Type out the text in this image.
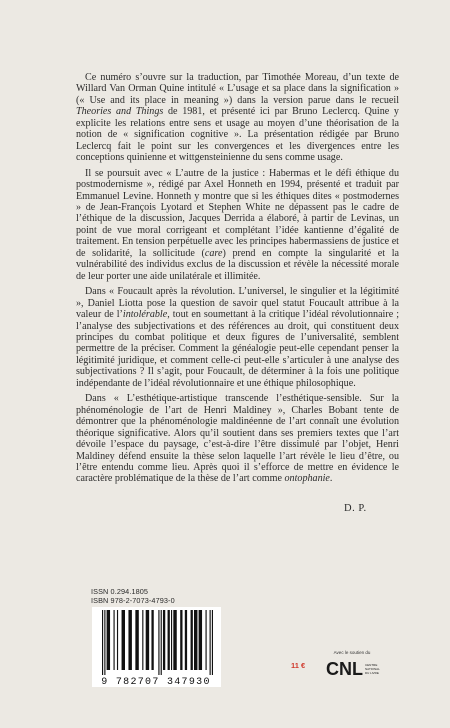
Ce numéro s’ouvre sur la traduction, par Timothée Moreau, d’un texte de Willard Van Orman Quine intitulé « L’usage et sa place dans la signification » (« Use and its place in meaning ») dans la version parue dans le recueil Theories and Things de 1981, et présenté ici par Bruno Leclercq. Quine y explicite les relations entre sens et usage au moyen d’une théorisation de la notion de « signification cognitive ». La présentation rédigée par Bruno Leclercq fait le point sur les convergences et les divergences entre les conceptions quinienne et wittgensteinienne du sens comme usage.

Il se poursuit avec « L’autre de la justice : Habermas et le défi éthique du postmodernisme », rédigé par Axel Honneth en 1994, présenté et traduit par Emmanuel Levine. Honneth y montre que si les éthiques dites « postmodernes » de Jean-François Lyotard et Stephen White ne dépassent pas le cadre de l’éthique de la discussion, Jacques Derrida a élaboré, à partir de Levinas, un point de vue moral corrigeant et complétant l’idée kantienne d’égalité de traitement. En tension perpétuelle avec les principes habermassiens de justice et de solidarité, la sollicitude (care) prend en compte la singularité et la vulnérabilité des individus exclus de la discussion et révèle la nécessité morale de leur porter une aide unilatérale et illimitée.

Dans « Foucault après la révolution. L’universel, le singulier et la légitimité », Daniel Liotta pose la question de savoir quel statut Foucault attribue à la valeur de l’intolérable, tout en soumettant à la critique l’idéal révolutionnaire ; l’analyse des subjectivations et des références au droit, qui constituent deux principes du combat politique et deux figures de l’universalité, semblent permettre de la préciser. Comment la généalogie peut-elle cependant penser la légitimité juridique, et comment celle-ci peut-elle s’articuler à une analyse des subjectivations ? Il s’agit, pour Foucault, de déterminer à la fois une politique indépendante de l’idéal révolutionnaire et une éthique philosophique.

Dans « L’esthétique-artistique transcende l’esthétique-sensible. Sur la phénoménologie de l’art de Henri Maldiney », Charles Bobant tente de démontrer que la phénoménologie maldinéenne de l’art connaît une évolution théorique significative. Alors qu’il soutient dans ses premiers textes que l’art dévoile l’espace du paysage, c’est-à-dire l’être dissimulé par l’objet, Henri Maldiney défend ensuite la thèse selon laquelle l’art révèle le lieu d’être, ou l’être entendu comme lieu. Après quoi il s’efforce de mettre en évidence le caractère problématique de la thèse de l’art comme ontophanie.

D. P.
ISSN 0.294.1805
ISBN 978-2-7073-4793-0
9 782707 347930
11 €
Avec le soutien du
CNL CENTRE
NATIONAL
DU LIVRE
